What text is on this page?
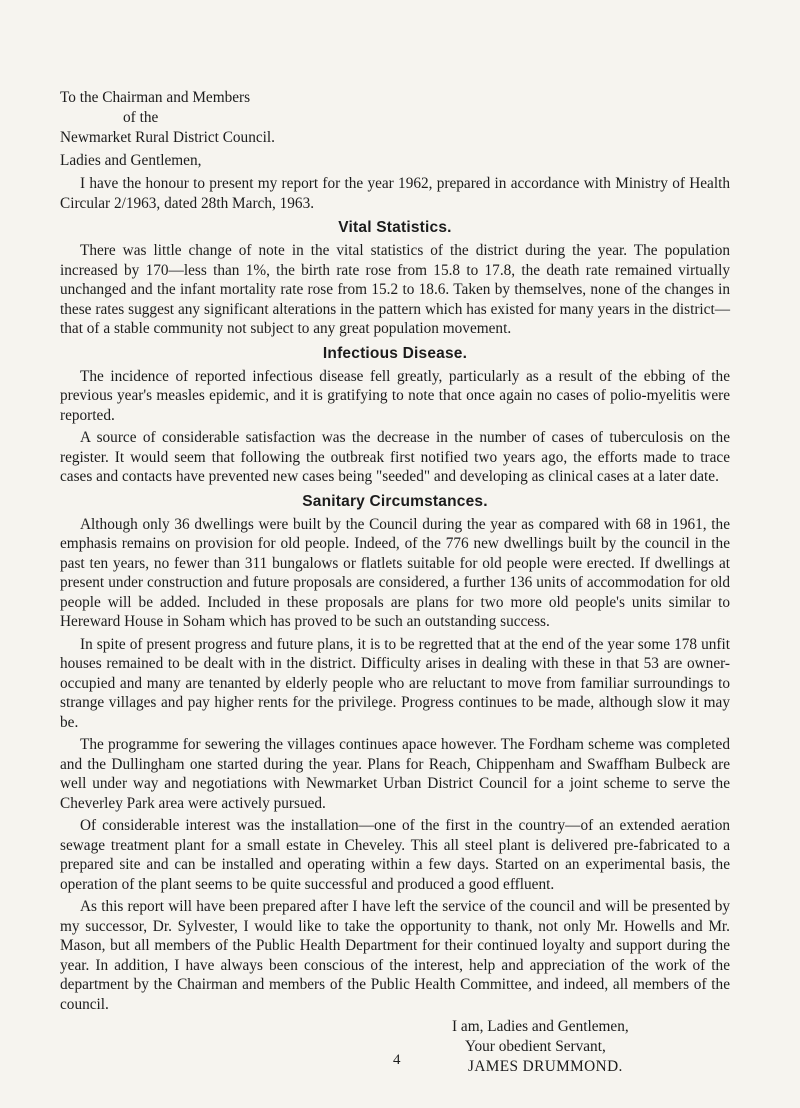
To the Chairman and Members

of the

Newmarket Rural District Council.

Ladies and Gentlemen,

I have the honour to present my report for the year 1962, prepared in accordance with Ministry of Health Circular 2/1963, dated 28th March, 1963.

Vital Statistics.

There was little change of note in the vital statistics of the district during the year. The population increased by 170—less than 1%, the birth rate rose from 15.8 to 17.8, the death rate remained virtually unchanged and the infant mortality rate rose from 15.2 to 18.6. Taken by themselves, none of the changes in these rates suggest any significant alterations in the pattern which has existed for many years in the district—that of a stable community not subject to any great population movement.

Infectious Disease.

The incidence of reported infectious disease fell greatly, particularly as a result of the ebbing of the previous year's measles epidemic, and it is gratifying to note that once again no cases of polio-myelitis were reported.

A source of considerable satisfaction was the decrease in the number of cases of tuberculosis on the register. It would seem that following the outbreak first notified two years ago, the efforts made to trace cases and contacts have prevented new cases being "seeded" and developing as clinical cases at a later date.

Sanitary Circumstances.

Although only 36 dwellings were built by the Council during the year as compared with 68 in 1961, the emphasis remains on provision for old people. Indeed, of the 776 new dwellings built by the council in the past ten years, no fewer than 311 bungalows or flatlets suitable for old people were erected. If dwellings at present under construction and future proposals are considered, a further 136 units of accommodation for old people will be added. Included in these proposals are plans for two more old people's units similar to Hereward House in Soham which has proved to be such an outstanding success.

In spite of present progress and future plans, it is to be regretted that at the end of the year some 178 unfit houses remained to be dealt with in the district. Difficulty arises in dealing with these in that 53 are owner-occupied and many are tenanted by elderly people who are reluctant to move from familiar surroundings to strange villages and pay higher rents for the privilege. Progress continues to be made, although slow it may be.

The programme for sewering the villages continues apace however. The Fordham scheme was completed and the Dullingham one started during the year. Plans for Reach, Chippenham and Swaffham Bulbeck are well under way and negotiations with Newmarket Urban District Council for a joint scheme to serve the Cheverley Park area were actively pursued.

Of considerable interest was the installation—one of the first in the country—of an extended aeration sewage treatment plant for a small estate in Cheveley. This all steel plant is delivered pre-fabricated to a prepared site and can be installed and operating within a few days. Started on an experimental basis, the operation of the plant seems to be quite successful and produced a good effluent.

As this report will have been prepared after I have left the service of the council and will be presented by my successor, Dr. Sylvester, I would like to take the opportunity to thank, not only Mr. Howells and Mr. Mason, but all members of the Public Health Department for their continued loyalty and support during the year. In addition, I have always been conscious of the interest, help and appreciation of the work of the department by the Chairman and members of the Public Health Committee, and indeed, all members of the council.

I am, Ladies and Gentlemen,

Your obedient Servant,

JAMES DRUMMOND.

4
